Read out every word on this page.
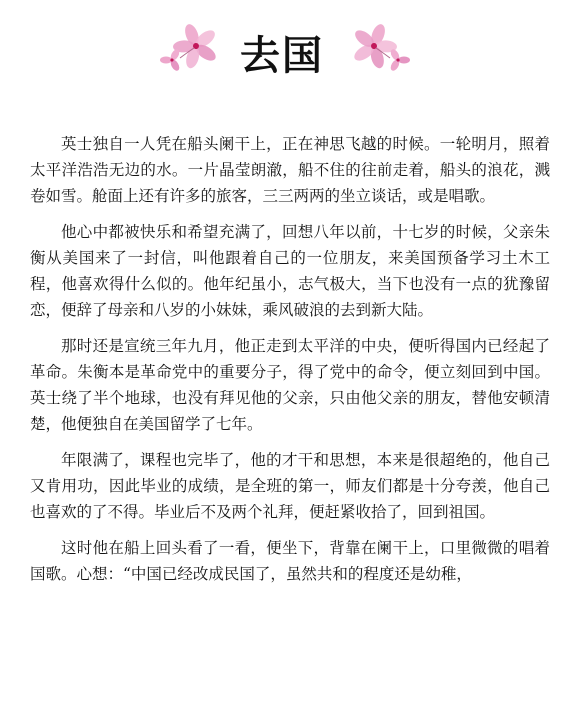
去国

英士独自一人凭在船头阑干上，正在神思飞越的时候。一轮明月，照着太平洋浩浩无边的水。一片晶莹朗澈，船不住的往前走着，船头的浪花，溅卷如雪。舱面上还有许多的旅客，三三两两的坐立谈话，或是唱歌。

他心中都被快乐和希望充满了，回想八年以前，十七岁的时候，父亲朱衡从美国来了一封信，叫他跟着自己的一位朋友，来美国预备学习土木工程，他喜欢得什么似的。他年纪虽小，志气极大，当下也没有一点的犹豫留恋，便辞了母亲和八岁的小妹妹，乘风破浪的去到新大陆。

那时还是宣统三年九月，他正走到太平洋的中央，便听得国内已经起了革命。朱衡本是革命党中的重要分子，得了党中的命令，便立刻回到中国。英士绕了半个地球，也没有拜见他的父亲，只由他父亲的朋友，替他安顿清楚，他便独自在美国留学了七年。

年限满了，课程也完毕了，他的才干和思想，本来是很超绝的，他自己又肯用功，因此毕业的成绩，是全班的第一，师友们都是十分夸羡，他自己也喜欢的了不得。毕业后不及两个礼拜，便赶紧收拾了，回到祖国。

这时他在船上回头看了一看，便坐下，背靠在阑干上，口里微微的唱着国歌。心想：“中国已经改成民国了，虽然共和的程度还是幼稚，
